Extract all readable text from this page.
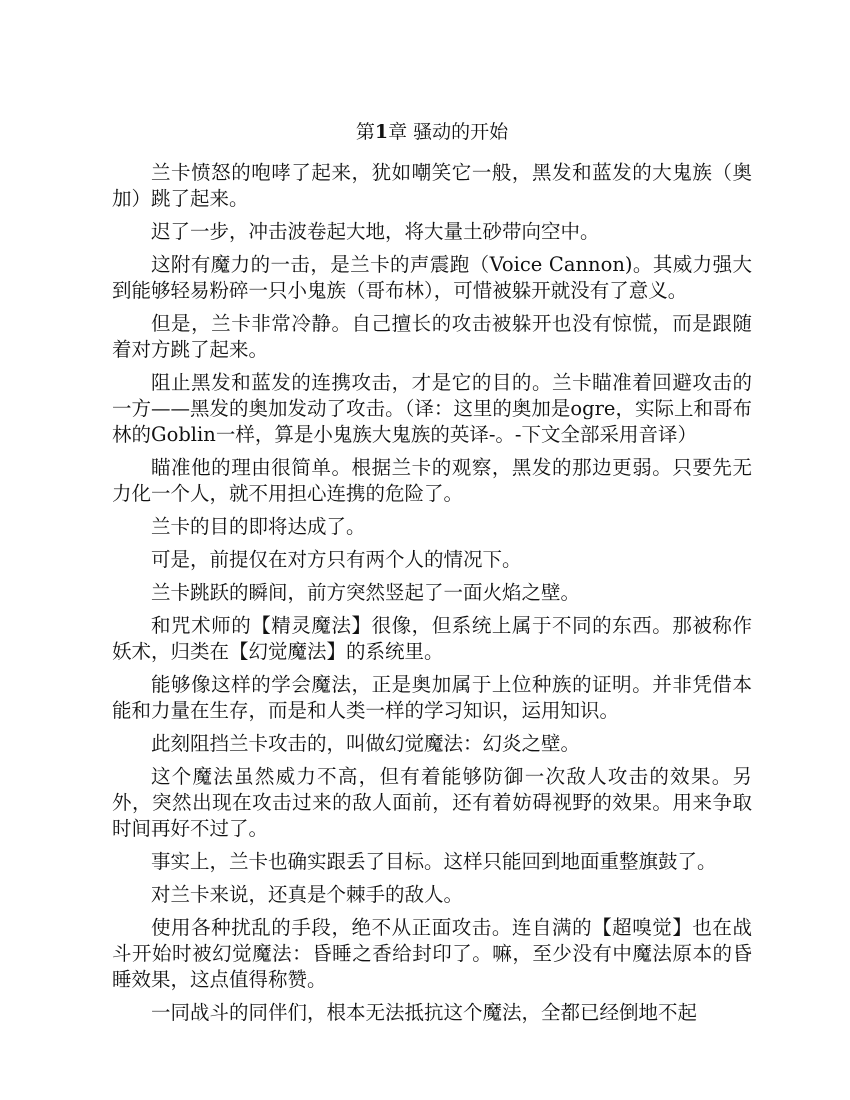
第1章 骚动的开始

兰卡愤怒的咆哮了起来，犹如嘲笑它一般，黑发和蓝发的大鬼族（奥加）跳了起来。

迟了一步，冲击波卷起大地，将大量土砂带向空中。

这附有魔力的一击，是兰卡的声震跑（Voice Cannon)。其威力强大到能够轻易粉碎一只小鬼族（哥布林），可惜被躲开就没有了意义。

但是，兰卡非常冷静。自己擅长的攻击被躲开也没有惊慌，而是跟随着对方跳了起来。

阻止黑发和蓝发的连携攻击，才是它的目的。兰卡瞄准着回避攻击的一方——黑发的奥加发动了攻击。（译：这里的奥加是ogre，实际上和哥布林的Goblin一样，算是小鬼族大鬼族的英译-。-下文全部采用音译）

瞄准他的理由很简单。根据兰卡的观察，黑发的那边更弱。只要先无力化一个人，就不用担心连携的危险了。

兰卡的目的即将达成了。

可是，前提仅在对方只有两个人的情况下。

兰卡跳跃的瞬间，前方突然竖起了一面火焰之壁。

和咒术师的【精灵魔法】很像，但系统上属于不同的东西。那被称作妖术，归类在【幻觉魔法】的系统里。

能够像这样的学会魔法，正是奥加属于上位种族的证明。并非凭借本能和力量在生存，而是和人类一样的学习知识，运用知识。

此刻阻挡兰卡攻击的，叫做幻觉魔法：幻炎之壁。

这个魔法虽然威力不高，但有着能够防御一次敌人攻击的效果。另外，突然出现在攻击过来的敌人面前，还有着妨碍视野的效果。用来争取时间再好不过了。

事实上，兰卡也确实跟丢了目标。这样只能回到地面重整旗鼓了。

对兰卡来说，还真是个棘手的敌人。

使用各种扰乱的手段，绝不从正面攻击。连自满的【超嗅觉】也在战斗开始时被幻觉魔法：昏睡之香给封印了。嘛，至少没有中魔法原本的昏睡效果，这点值得称赞。

一同战斗的同伴们，根本无法抵抗这个魔法，全都已经倒地不起
